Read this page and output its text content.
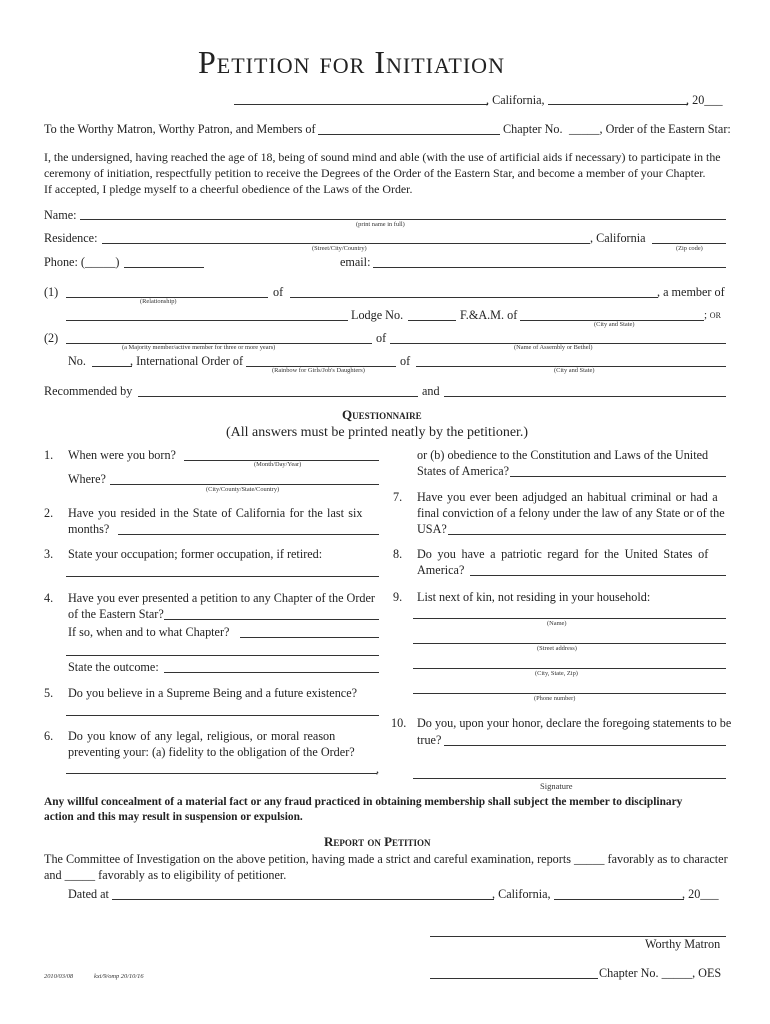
Petition for Initiation
, California,	, 20___
To the Worthy Matron, Worthy Patron, and Members of	Chapter No. _____, Order of the Eastern Star:
I, the undersigned, having reached the age of 18, being of sound mind and able (with the use of artificial aids if necessary) to participate in the
ceremony of initiation, respectfully petition to receive the Degrees of the Order of the Eastern Star, and become a member of your Chapter.
If accepted, I pledge myself to a cheerful obedience of the Laws of the Order.
Name:
(print name in full)
Residence:	, California
(Street/City/Country)	(Zip code)
Phone: (_____)	email:
(1)	of	, a member of
(Relationship)
Lodge No.	F.&A.M. of	; or
(City and State)
(2)	of
(a Majority member/active member for three or more years)	(Name of Assembly or Bethel)
No.	, International Order of	of
(Rainbow for Girls/Job's Daughters)	(City and State)
Recommended by	and
Questionnaire
(All answers must be printed neatly by the petitioner.)
1. When were you born?
(Month/Day/Year)
Where?
(City/County/State/Country)
2. Have you resided in the State of California for the last six
months?
3. State your occupation; former occupation, if retired:
4. Have you ever presented a petition to any Chapter of the Order
of the Eastern Star?
If so, when and to what Chapter?
State the outcome:
5. Do you believe in a Supreme Being and a future existence?
6. Do you know of any legal, religious, or moral reason
preventing your: (a) fidelity to the obligation of the Order?
,
or (b) obedience to the Constitution and Laws of the United
States of America?
7. Have you ever been adjudged an habitual criminal or had a
final conviction of a felony under the law of any State or of the
USA?
8. Do you have a patriotic regard for the United States of
America?
9. List next of kin, not residing in your household:
(Name)
(Street address)
(City, State, Zip)
(Phone number)
10. Do you, upon your honor, declare the foregoing statements to be
true?
Signature
Any willful concealment of a material fact or any fraud practiced in obtaining membership shall subject the member to disciplinary
action and this may result in suspension or expulsion.
Report on Petition
The Committee of Investigation on the above petition, having made a strict and careful examination, reports _____ favorably as to character
and _____ favorably as to eligibility of petitioner.
Dated at	, California,	, 20___
Worthy Matron
Chapter No. _____, OES
2010/03/08	kxi/9/omp 20/10/16
